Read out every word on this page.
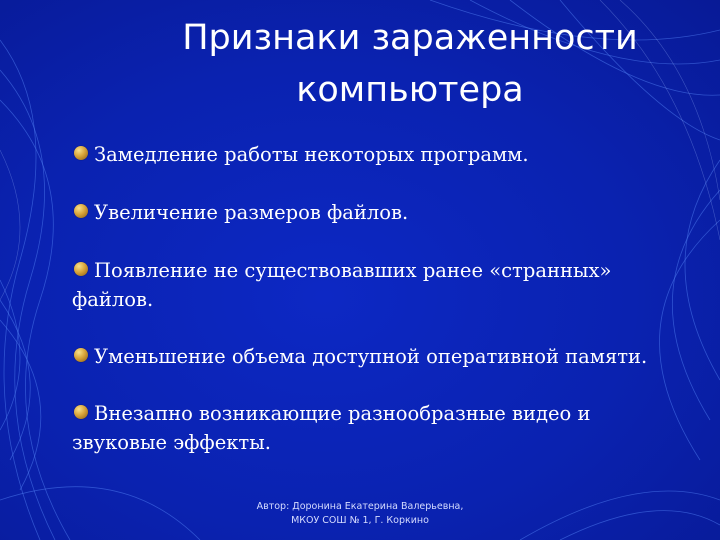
Признаки зараженности
компьютера
Замедление работы некоторых программ.
Увеличение размеров файлов.
Появление не существовавших ранее «странных» файлов.
Уменьшение объема доступной оперативной памяти.
Внезапно возникающие разнообразные видео и звуковые эффекты.
Автор: Доронина Екатерина Валерьевна,
МКОУ СОШ № 1, Г. Коркино
